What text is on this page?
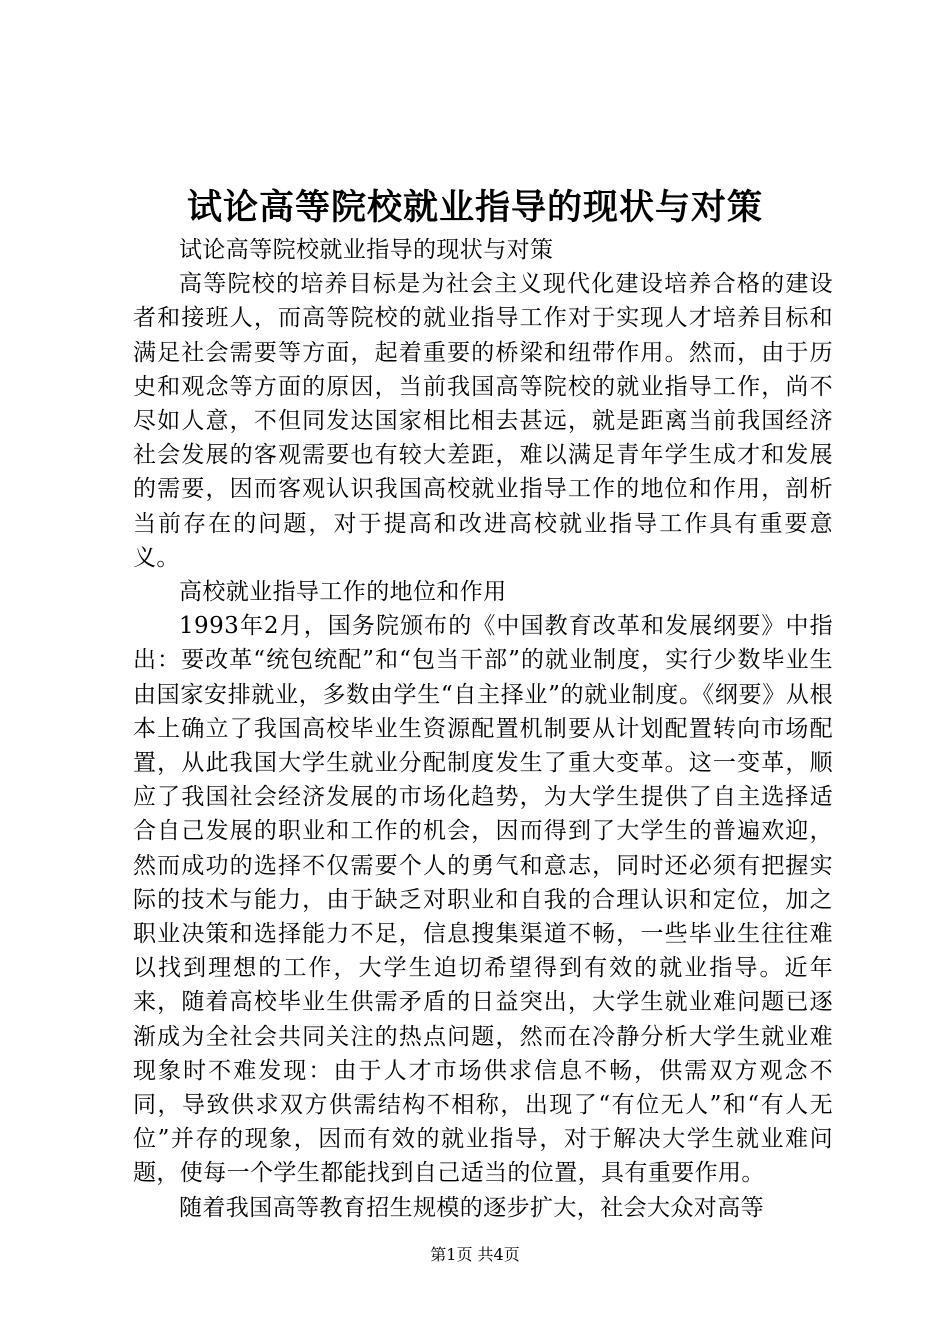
试论高等院校就业指导的现状与对策

试论高等院校就业指导的现状与对策

高等院校的培养目标是为社会主义现代化建设培养合格的建设者和接班人，而高等院校的就业指导工作对于实现人才培养目标和满足社会需要等方面，起着重要的桥梁和纽带作用。然而，由于历史和观念等方面的原因，当前我国高等院校的就业指导工作，尚不尽如人意，不但同发达国家相比相去甚远，就是距离当前我国经济社会发展的客观需要也有较大差距，难以满足青年学生成才和发展的需要，因而客观认识我国高校就业指导工作的地位和作用，剖析当前存在的问题，对于提高和改进高校就业指导工作具有重要意义。

高校就业指导工作的地位和作用

1993年2月，国务院颁布的《中国教育改革和发展纲要》中指出：要改革“统包统配”和“包当干部”的就业制度，实行少数毕业生由国家安排就业，多数由学生“自主择业”的就业制度。《纲要》从根本上确立了我国高校毕业生资源配置机制要从计划配置转向市场配置，从此我国大学生就业分配制度发生了重大变革。这一变革，顺应了我国社会经济发展的市场化趋势，为大学生提供了自主选择适合自己发展的职业和工作的机会，因而得到了大学生的普遍欢迎，然而成功的选择不仅需要个人的勇气和意志，同时还必须有把握实际的技术与能力，由于缺乏对职业和自我的合理认识和定位，加之职业决策和选择能力不足，信息搜集渠道不畅，一些毕业生往往难以找到理想的工作，大学生迫切希望得到有效的就业指导。近年来，随着高校毕业生供需矛盾的日益突出，大学生就业难问题已逐渐成为全社会共同关注的热点问题，然而在冷静分析大学生就业难现象时不难发现：由于人才市场供求信息不畅，供需双方观念不同，导致供求双方供需结构不相称，出现了“有位无人”和“有人无位”并存的现象，因而有效的就业指导，对于解决大学生就业难问题，使每一个学生都能找到自己适当的位置，具有重要作用。

随着我国高等教育招生规模的逐步扩大，社会大众对高等

第1页 共4页
